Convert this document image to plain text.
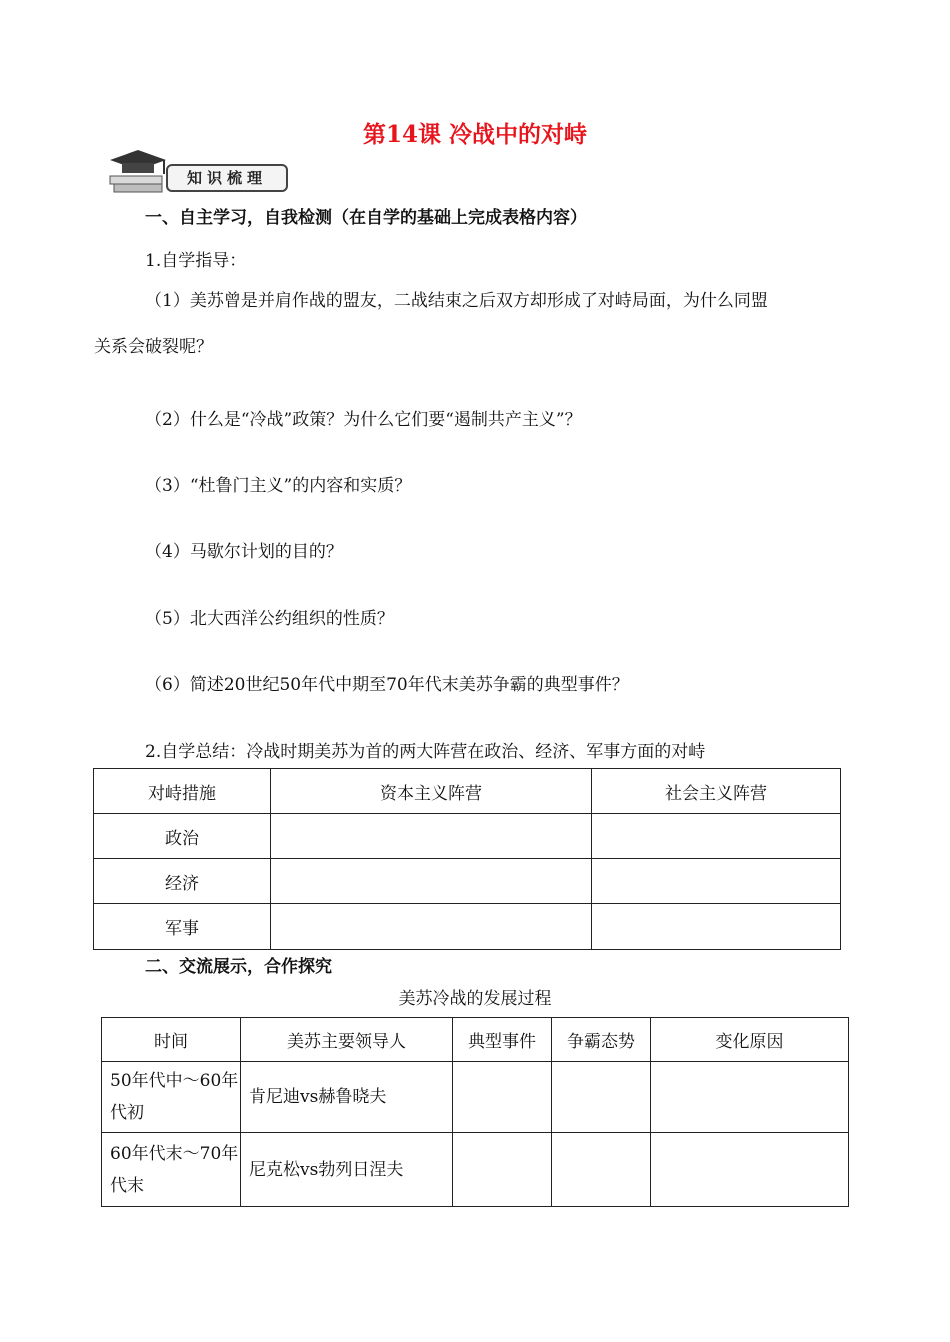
第14课 冷战中的对峙
知识梳理
一、自主学习，自我检测（在自学的基础上完成表格内容）
1.自学指导：
（1）美苏曾是并肩作战的盟友，二战结束之后双方却形成了对峙局面，为什么同盟
关系会破裂呢？
（2）什么是“冷战”政策？为什么它们要“遏制共产主义”？
（3）“杜鲁门主义”的内容和实质？
（4）马歇尔计划的目的？
（5）北大西洋公约组织的性质？
（6）简述20世纪50年代中期至70年代末美苏争霸的典型事件？
2.自学总结：冷战时期美苏为首的两大阵营在政治、经济、军事方面的对峙
对峙措施	资本主义阵营	社会主义阵营
政治		
经济		
军事		
二、交流展示，合作探究
美苏冷战的发展过程
时间	美苏主要领导人	典型事件	争霸态势	变化原因
50年代中～60年代初	肯尼迪vs赫鲁晓夫			
60年代末～70年代末	尼克松vs勃列日涅夫			
